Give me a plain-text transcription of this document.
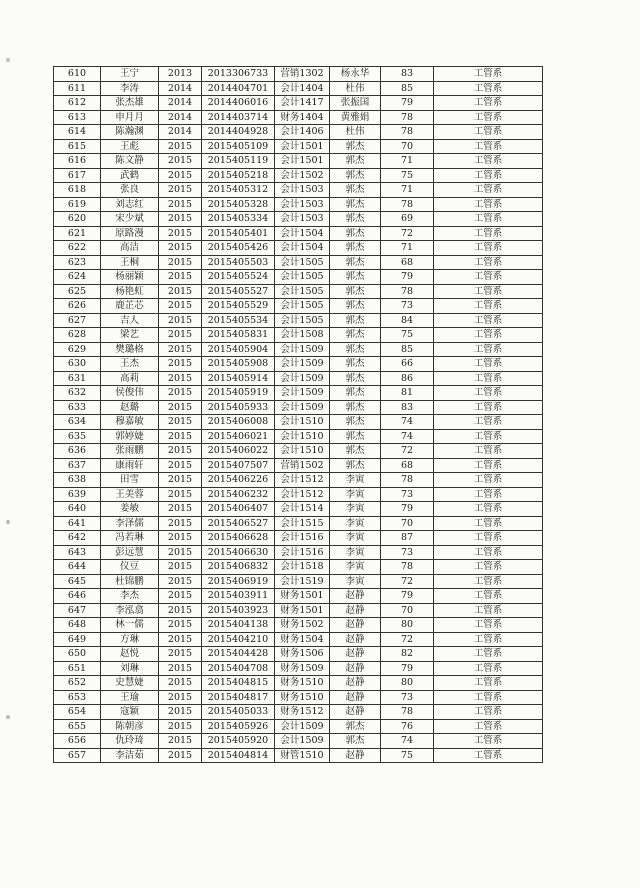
610	王宁	2013	2013306733	营销1302	杨永华	83	工管系
611	李涛	2014	2014404701	会计1404	杜伟	85	工管系
612	张杰雄	2014	2014406016	会计1417	张振国	79	工管系
613	申月月	2014	2014403714	财务1404	黄雅娟	78	工管系
614	陈瀚渊	2014	2014404928	会计1406	杜伟	78	工管系
615	王彪	2015	2015405109	会计1501	郭杰	70	工管系
616	陈文静	2015	2015405119	会计1501	郭杰	71	工管系
617	武鹤	2015	2015405218	会计1502	郭杰	75	工管系
618	张良	2015	2015405312	会计1503	郭杰	71	工管系
619	刘志红	2015	2015405328	会计1503	郭杰	78	工管系
620	宋少斌	2015	2015405334	会计1503	郭杰	69	工管系
621	原路漫	2015	2015405401	会计1504	郭杰	72	工管系
622	高洁	2015	2015405426	会计1504	郭杰	71	工管系
623	王桐	2015	2015405503	会计1505	郭杰	68	工管系
624	杨丽颖	2015	2015405524	会计1505	郭杰	79	工管系
625	杨艳虹	2015	2015405527	会计1505	郭杰	78	工管系
626	鹿芷芯	2015	2015405529	会计1505	郭杰	73	工管系
627	吉人	2015	2015405534	会计1505	郭杰	84	工管系
628	梁艺	2015	2015405831	会计1508	郭杰	75	工管系
629	樊璐格	2015	2015405904	会计1509	郭杰	85	工管系
630	王杰	2015	2015405908	会计1509	郭杰	66	工管系
631	高莉	2015	2015405914	会计1509	郭杰	86	工管系
632	侯俊伟	2015	2015405919	会计1509	郭杰	81	工管系
633	赵璐	2015	2015405933	会计1509	郭杰	83	工管系
634	穆嘉敏	2015	2015406008	会计1510	郭杰	74	工管系
635	郭婷婕	2015	2015406021	会计1510	郭杰	74	工管系
636	张雨鹏	2015	2015406022	会计1510	郭杰	72	工管系
637	康雨轩	2015	2015407507	营销1502	郭杰	68	工管系
638	田雪	2015	2015406226	会计1512	李寅	78	工管系
639	王美蓉	2015	2015406232	会计1512	李寅	73	工管系
640	姜敏	2015	2015406407	会计1514	李寅	79	工管系
641	李泽儒	2015	2015406527	会计1515	李寅	70	工管系
642	冯若琳	2015	2015406628	会计1516	李寅	87	工管系
643	彭远慧	2015	2015406630	会计1516	李寅	73	工管系
644	仪豆	2015	2015406832	会计1518	李寅	78	工管系
645	杜锦鹏	2015	2015406919	会计1519	李寅	72	工管系
646	李杰	2015	2015403911	财务1501	赵静	79	工管系
647	李泓翕	2015	2015403923	财务1501	赵静	70	工管系
648	林一儒	2015	2015404138	财务1502	赵静	80	工管系
649	方琳	2015	2015404210	财务1504	赵静	72	工管系
650	赵悦	2015	2015404428	财务1506	赵静	82	工管系
651	刘琳	2015	2015404708	财务1509	赵静	79	工管系
652	史慧婕	2015	2015404815	财务1510	赵静	80	工管系
653	王瑜	2015	2015404817	财务1510	赵静	73	工管系
654	寇颖	2015	2015405033	财务1512	赵静	78	工管系
655	陈朝彦	2015	2015405926	会计1509	郭杰	76	工管系
656	仇玲琦	2015	2015405920	会计1509	郭杰	74	工管系
657	李洁茹	2015	2015404814	财管1510	赵静	75	工管系
